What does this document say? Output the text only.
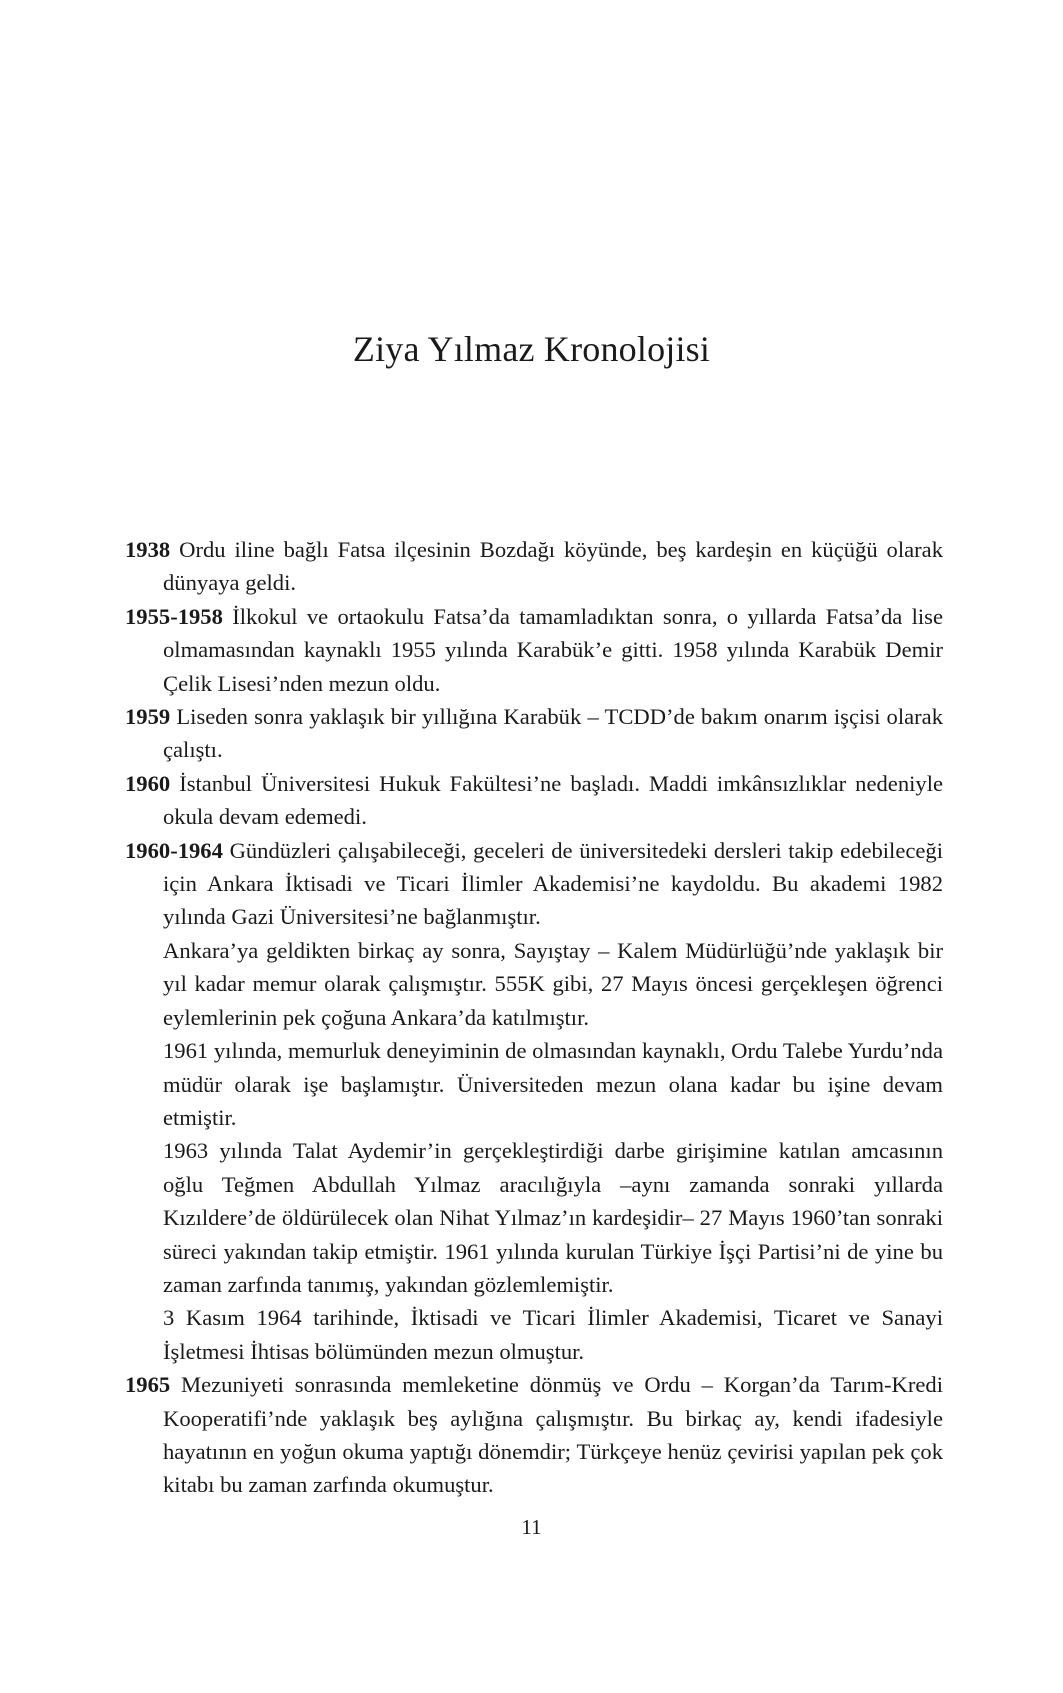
Ziya Yılmaz Kronolojisi

1938 Ordu iline bağlı Fatsa ilçesinin Bozdağı köyünde, beş kardeşin en küçüğü olarak dünyaya geldi.

1955-1958 İlkokul ve ortaokulu Fatsa’da tamamladıktan sonra, o yıllarda Fatsa’da lise olmamasından kaynaklı 1955 yılında Karabük’e gitti. 1958 yılında Karabük Demir Çelik Lisesi’nden mezun oldu.

1959 Liseden sonra yaklaşık bir yıllığına Karabük – TCDD’de bakım onarım işçisi olarak çalıştı.

1960 İstanbul Üniversitesi Hukuk Fakültesi’ne başladı. Maddi imkânsızlıklar nedeniyle okula devam edemedi.

1960-1964 Gündüzleri çalışabileceği, geceleri de üniversitedeki dersleri takip edebileceği için Ankara İktisadi ve Ticari İlimler Akademisi’ne kaydoldu. Bu akademi 1982 yılında Gazi Üniversitesi’ne bağlanmıştır.

Ankara’ya geldikten birkaç ay sonra, Sayıştay – Kalem Müdürlüğü’nde yaklaşık bir yıl kadar memur olarak çalışmıştır. 555K gibi, 27 Mayıs öncesi gerçekleşen öğrenci eylemlerinin pek çoğuna Ankara’da katılmıştır.

1961 yılında, memurluk deneyiminin de olmasından kaynaklı, Ordu Talebe Yurdu’nda müdür olarak işe başlamıştır. Üniversiteden mezun olana kadar bu işine devam etmiştir.

1963 yılında Talat Aydemir’in gerçekleştirdiği darbe girişimine katılan amcasının oğlu Teğmen Abdullah Yılmaz aracılığıyla –aynı zamanda sonraki yıllarda Kızıldere’de öldürülecek olan Nihat Yılmaz’ın kardeşidir– 27 Mayıs 1960’tan sonraki süreci yakından takip etmiştir. 1961 yılında kurulan Türkiye İşçi Partisi’ni de yine bu zaman zarfında tanımış, yakından gözlemlemiştir.

3 Kasım 1964 tarihinde, İktisadi ve Ticari İlimler Akademisi, Ticaret ve Sanayi İşletmesi İhtisas bölümünden mezun olmuştur.

1965 Mezuniyeti sonrasında memleketine dönmüş ve Ordu – Korgan’da Tarım-Kredi Kooperatifi’nde yaklaşık beş aylığına çalışmıştır. Bu birkaç ay, kendi ifadesiyle hayatının en yoğun okuma yaptığı dönemdir; Türkçeye henüz çevirisi yapılan pek çok kitabı bu zaman zarfında okumuştur.

11
